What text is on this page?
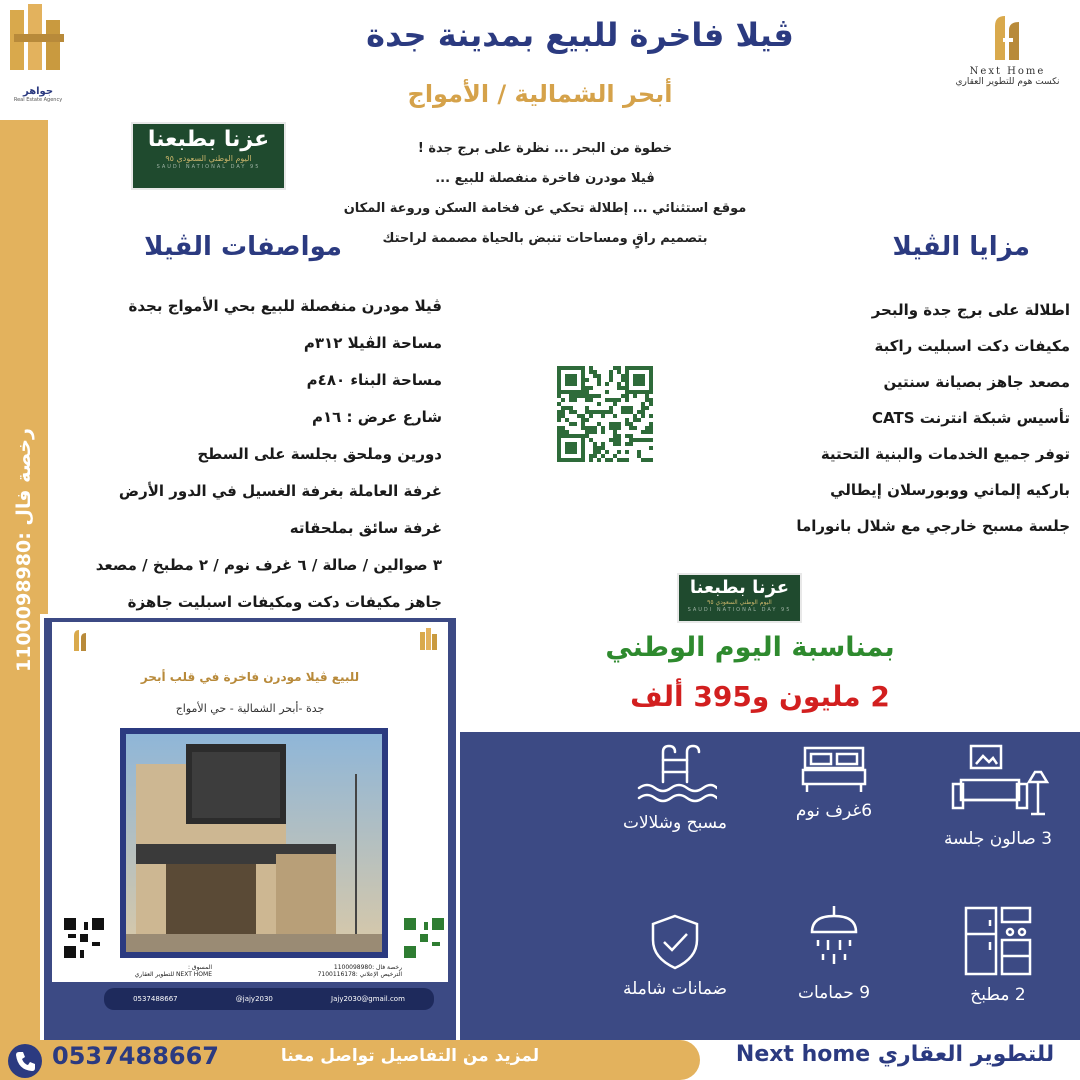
رخصة فال :1100098980
جواهر
Real Estate Agency
Next Home
نكست هوم للتطوير العقاري
ڤيلا فاخرة للبيع بمدينة جدة
أبحر الشمالية / الأمواج
خطوة من البحر ... نظرة على برج جدة !
ڤيلا مودرن فاخرة منفصلة للبيع ...
موقع استثنائي ... إطلالة تحكي عن فخامة السكن وروعة المكان
بتصميم راقٍ ومساحات تنبض بالحياة مصممة لراحتك
عزنا بطبعنا
اليوم الوطني السعودي ٩٥
SAUDI NATIONAL DAY 95
عزنا بطبعنا
اليوم الوطني السعودي ٩٥
SAUDI NATIONAL DAY 95
مواصفات الڤيلا	مزايا الڤيلا
ڤيلا مودرن منفصلة للبيع بحي الأمواج بجدة
مساحة الڤيلا ٣١٢م
مساحة البناء ٤٨٠م
شارع عرض : ١٦م
دورين وملحق بجلسة على السطح
غرفة العاملة بغرفة الغسيل في الدور الأرض
غرفة سائق بملحقاته
٣ صوالين / صالة / ٦ غرف نوم / ٢ مطبخ / مصعد
جاهز مكيفات دكت ومكيفات اسبليت جاهزة
اطلالة على برج جدة والبحر
مكيفات دكت اسبليت راكبة
مصعد جاهز بصيانة سنتين
تأسيس شبكة انترنت CATS
توفر جميع الخدمات والبنية التحتية
باركيه إلماني ووبورسلان إيطالي
جلسة مسبح خارجي مع شلال بانوراما
بمناسبة اليوم الوطني
2 مليون و395 ألف
مسبح وشلالات
6غرف نوم
3 صالون جلسة
ضمانات شاملة	9 حمامات	2 مطبخ
للبيع ڤيلا مودرن فاخرة في قلب أبحر
جدة -أبحر الشمالية - حي الأمواج
المسوق :
NEXT HOME للتطوير العقاري
رخصة فال :1100098980
الترخيص الإعلاني :7100116178
0537488667	@jajy2030	Jajy2030@gmail.com
0537488667	لمزيد من التفاصيل تواصل معنا	للتطوير العقاري Next home
